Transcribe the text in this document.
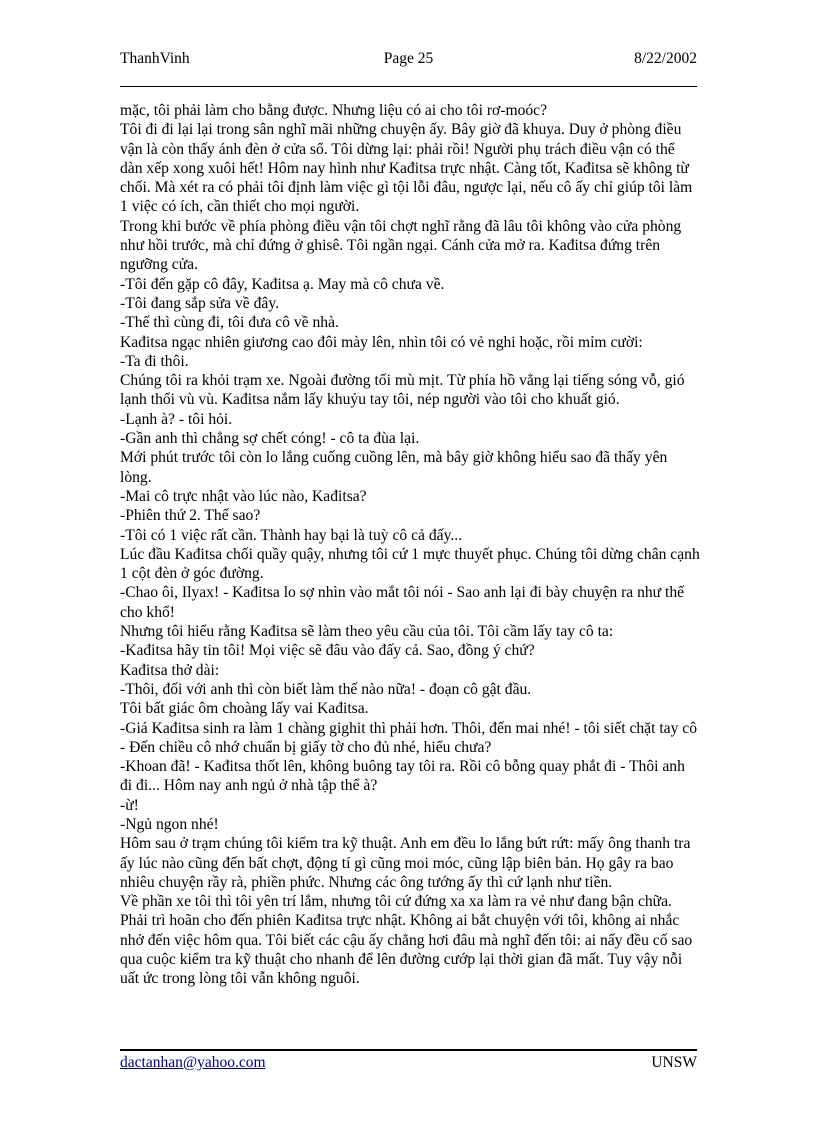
ThanhVinh	Page 25	8/22/2002

mặc, tôi phải làm cho bằng được. Nhưng liệu có ai cho tôi rơ-moóc?

Tôi đi đi lại lại trong sân nghĩ mãi những chuyện ấy. Bây giờ đã khuya. Duy ở phòng điều vận là còn thấy ánh đèn ở cửa sổ. Tôi dừng lại: phải rồi! Người phụ trách điều vận có thể dàn xếp xong xuôi hết! Hôm nay hình như Kađitsa trực nhật. Càng tốt, Kađitsa sẽ không từ chối. Mà xét ra có phải tôi định làm việc gì tội lỗi đâu, ngược lại, nếu cô ấy chỉ giúp tôi làm 1 việc có ích, cần thiết cho mọi người.

Trong khi bước về phía phòng điều vận tôi chợt nghĩ rằng đã lâu tôi không vào cửa phòng như hồi trước, mà chỉ đứng ở ghisê. Tôi ngần ngại. Cánh cửa mở ra. Kađitsa đứng trên ngưỡng cửa.

-Tôi đến gặp cô đây, Kađitsa ạ. May mà cô chưa về.

-Tôi đang sắp sửa về đây.

-Thế thì cùng đi, tôi đưa cô về nhà.

Kađitsa ngạc nhiên giương cao đôi mày lên, nhìn tôi có vẻ nghi hoặc, rồi mỉm cười:

-Ta đi thôi.

Chúng tôi ra khỏi trạm xe. Ngoài đường tối mù mịt. Từ phía hồ vẳng lại tiếng sóng vỗ, gió lạnh thổi vù vù. Kađitsa nắm lấy khuỷu tay tôi, nép người vào tôi cho khuất gió.

-Lạnh à? - tôi hỏi.

-Gần anh thì chẳng sợ chết cóng! - cô ta đùa lại.

Mới phút trước tôi còn lo lắng cuống cuồng lên, mà bây giờ không hiểu sao đã thấy yên lòng.

-Mai cô trực nhật vào lúc nào, Kađitsa?

-Phiên thứ 2. Thế sao?

-Tôi có 1 việc rất cần. Thành hay bại là tuỳ cô cả đấy...

Lúc đầu Kađitsa chối quầy quậy, nhưng tôi cứ 1 mực thuyết phục. Chúng tôi dừng chân cạnh 1 cột đèn ở góc đường.

-Chao ôi, Ilyax! - Kađitsa lo sợ nhìn vào mắt tôi nói - Sao anh lại đi bày chuyện ra như thế cho khổ!

Nhưng tôi hiểu rằng Kađitsa sẽ làm theo yêu cầu của tôi. Tôi cầm lấy tay cô ta:

-Kađitsa hãy tin tôi! Mọi việc sẽ đâu vào đấy cả. Sao, đồng ý chứ?

Kađitsa thở dài:

-Thôi, đối với anh thì còn biết làm thế nào nữa! - đoạn cô gật đầu.

Tôi bất giác ôm choàng lấy vai Kađitsa.

-Giá Kađitsa sinh ra làm 1 chàng gighit thì phải hơn. Thôi, đến mai nhé! - tôi siết chặt tay cô - Đến chiều cô nhớ chuẩn bị giấy tờ cho đủ nhé, hiểu chưa?

-Khoan đã! - Kađitsa thốt lên, không buông tay tôi ra. Rồi cô bỗng quay phắt đi - Thôi anh đi đi... Hôm nay anh ngủ ở nhà tập thể à?

-ừ!

-Ngủ ngon nhé!

Hôm sau ở trạm chúng tôi kiểm tra kỹ thuật. Anh em đều lo lắng bứt rứt: mấy ông thanh tra ấy lúc nào cũng đến bất chợt, động tí gì cũng moi móc, cũng lập biên bản. Họ gây ra bao nhiêu chuyện rầy rà, phiền phức. Nhưng các ông tướng ấy thì cứ lạnh như tiền.

Về phần xe tôi thì tôi yên trí lắm, nhưng tôi cứ đứng xa xa làm ra vẻ như đang bận chữa. Phải trì hoãn cho đến phiên Kađitsa trực nhật. Không ai bắt chuyện với tôi, không ai nhắc nhở đến việc hôm qua. Tôi biết các cậu ấy chẳng hơi đâu mà nghĩ đến tôi: ai nấy đều cố sao qua cuộc kiểm tra kỹ thuật cho nhanh để lên đường cướp lại thời gian đã mất. Tuy vậy nỗi uất ức trong lòng tôi vẫn không nguôi.

dactanhan@yahoo.com	UNSW
